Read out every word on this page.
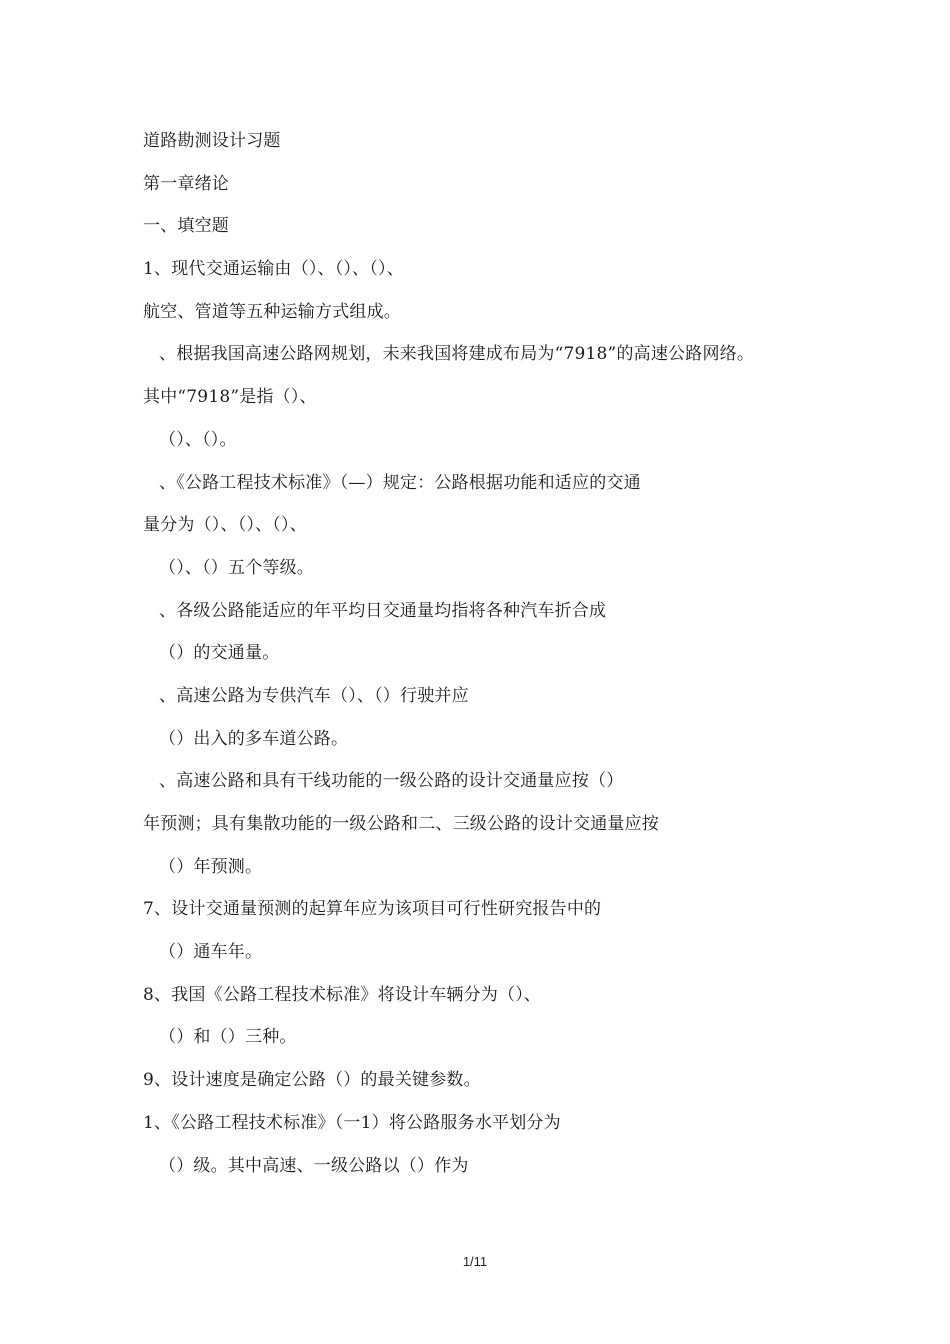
道路勘测设计习题
第一章绪论
一、填空题
1、现代交通运输由（）、（）、（）、
航空、管道等五种运输方式组成。
、根据我国高速公路网规划，未来我国将建成布局为“7918”的高速公路网络。
其中“7918”是指（）、
（）、（）。
、《公路工程技术标准》（—）规定：公路根据功能和适应的交通
量分为（）、（）、（）、
（）、（）五个等级。
、各级公路能适应的年平均日交通量均指将各种汽车折合成
（）的交通量。
、高速公路为专供汽车（）、（）行驶并应
（）出入的多车道公路。
、高速公路和具有干线功能的一级公路的设计交通量应按（）
年预测；具有集散功能的一级公路和二、三级公路的设计交通量应按
（）年预测。
7、设计交通量预测的起算年应为该项目可行性研究报告中的
（）通车年。
8、我国《公路工程技术标准》将设计车辆分为（）、
（）和（）三种。
9、设计速度是确定公路（）的最关键参数。
1、《公路工程技术标准》（一1）将公路服务水平划分为
（）级。其中高速、一级公路以（）作为
1/11
